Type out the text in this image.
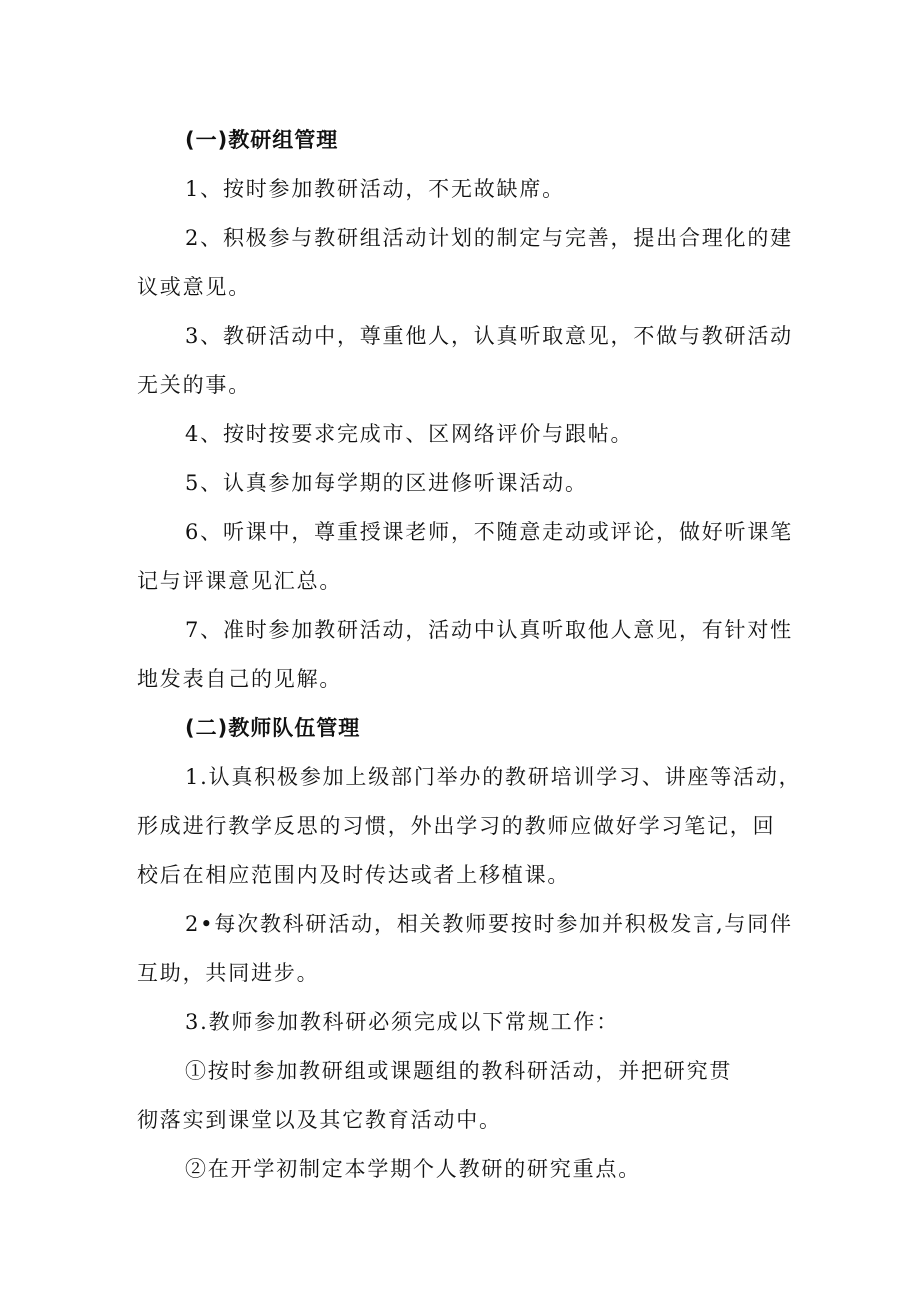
(一)教研组管理
1、按时参加教研活动，不无故缺席。
2、积极参与教研组活动计划的制定与完善，提出合理化的建
议或意见。
3、教研活动中，尊重他人，认真听取意见，不做与教研活动
无关的事。
4、按时按要求完成市、区网络评价与跟帖。
5、认真参加每学期的区进修听课活动。
6、听课中，尊重授课老师，不随意走动或评论，做好听课笔
记与评课意见汇总。
7、准时参加教研活动，活动中认真听取他人意见，有针对性
地发表自己的见解。
(二)教师队伍管理
1.认真积极参加上级部门举办的教研培训学习、讲座等活动，
形成进行教学反思的习惯，外出学习的教师应做好学习笔记，回
校后在相应范围内及时传达或者上移植课。
2•每次教科研活动，相关教师要按时参加并积极发言,与同伴
互助，共同进步。
3.教师参加教科研必须完成以下常规工作：
①按时参加教研组或课题组的教科研活动，并把研究贯
彻落实到课堂以及其它教育活动中。
②在开学初制定本学期个人教研的研究重点。
